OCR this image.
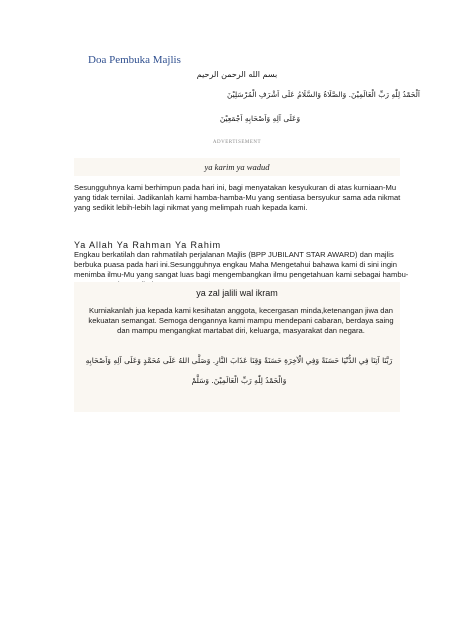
Doa Pembuka Majlis
بسم الله الرحمن الرحيم
اَلْحَمْدُ لِلّٰهِ رَبِّ الْعَالَمِيْنَ. وَالصَّلَاةُ وَالسَّلَامُ عَلَى اَشْرَفِ الْمُرْسَلِيْنَ
وَعَلَى آلِهِ وَاَصْحَابِهِ اَجْمَعِيْنَ
ADVERTISEMENT
ya karim ya wadud
Sesungguhnya kami berhimpun pada hari ini, bagi menyatakan kesyukuran di atas kurniaan-Mu yang tidak ternilai. Jadikanlah kami hamba-hamba-Mu yang sentiasa bersyukur sama ada nikmat yang sedikit lebih-lebih lagi nikmat yang melimpah ruah kepada kami.
Ya Allah Ya Rahman Ya Rahim
Engkau berkatilah dan rahmatilah perjalanan Majlis (BPP JUBILANT STAR AWARD) dan majlis berbuka puasa pada hari ini.Sesungguhnya engkau Maha Mengetahui bahawa kami di sini ingin menimba ilmu-Mu yang sangat luas bagi mengembangkan ilmu pengetahuan kami sebagai hambu-
ya zal jalili wal ikram
Kurniakanlah jua kepada kami kesihatan anggota, kecergasan minda,ketenangan jiwa dan kekuatan semangat. Semoga dengannya kami mampu mendepani cabaran, berdaya saing dan mampu mengangkat martabat diri, keluarga, masyarakat dan negara.
رَبَّنَا آتِنَا فِي الدُّنْيَا حَسَنَةً وَفِي الْآخِرَةِ حَسَنَةً وَقِنَا عَذَابَ النَّارِ. وَصَلَّى اللهُ عَلَى مُحَمَّدٍ وَعَلَى آلِهِ وَاَصْحَابِهِ
وَالْحَمْدُ لِلّٰهِ رَبِّ الْعَالَمِيْنَ. وَسَلَّمْ
